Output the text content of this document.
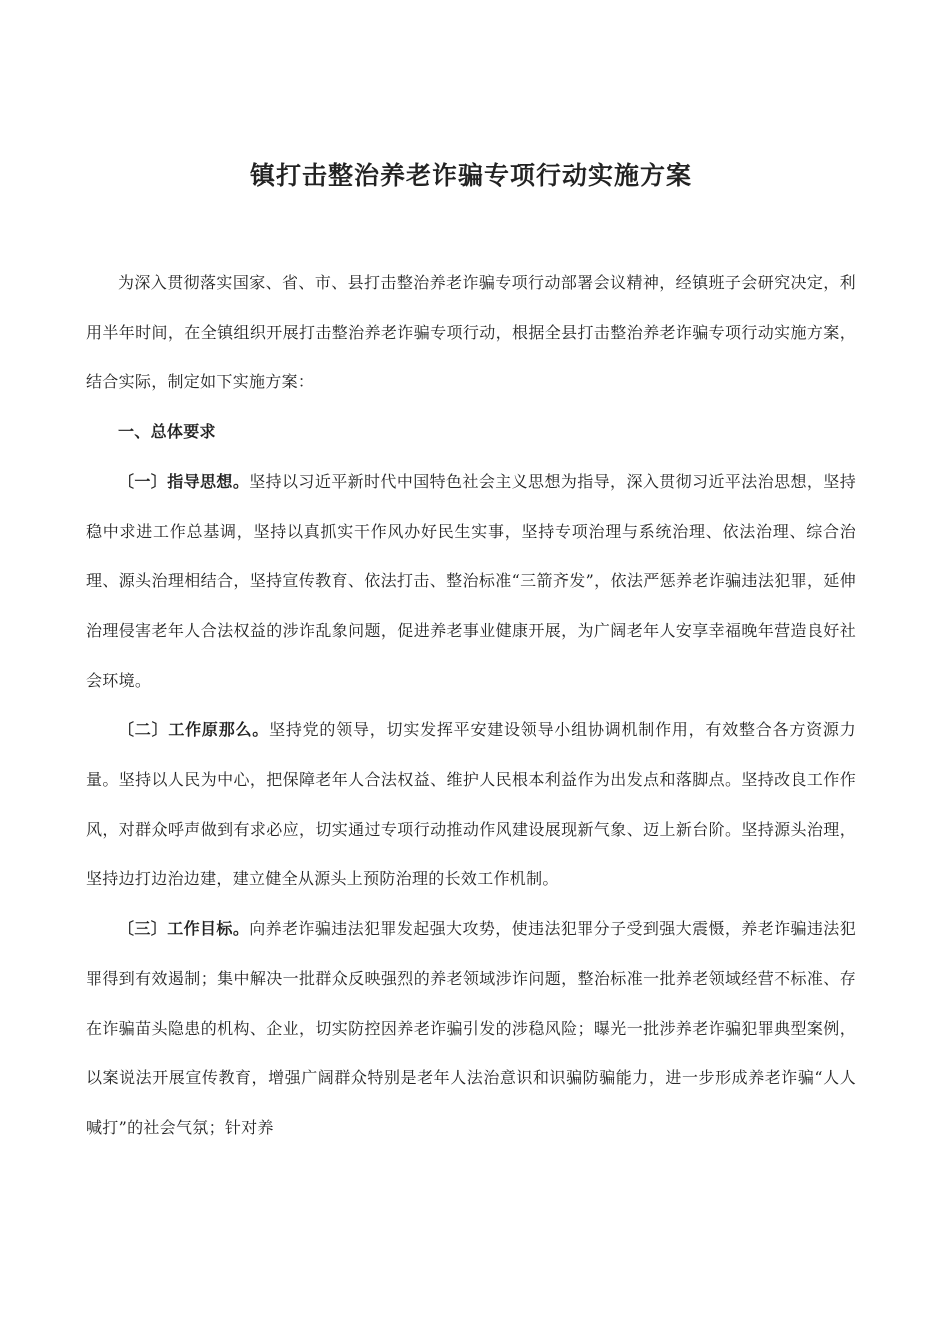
镇打击整治养老诈骗专项行动实施方案

为深入贯彻落实国家、省、市、县打击整治养老诈骗专项行动部署会议精神，经镇班子会研究决定，利用半年时间，在全镇组织开展打击整治养老诈骗专项行动，根据全县打击整治养老诈骗专项行动实施方案，结合实际，制定如下实施方案：

一、总体要求

〔一〕指导思想。坚持以习近平新时代中国特色社会主义思想为指导，深入贯彻习近平法治思想，坚持稳中求进工作总基调，坚持以真抓实干作风办好民生实事，坚持专项治理与系统治理、依法治理、综合治理、源头治理相结合，坚持宣传教育、依法打击、整治标准“三箭齐发”，依法严惩养老诈骗违法犯罪，延伸治理侵害老年人合法权益的涉诈乱象问题，促进养老事业健康开展，为广阔老年人安享幸福晚年营造良好社会环境。

〔二〕工作原那么。坚持党的领导，切实发挥平安建设领导小组协调机制作用，有效整合各方资源力量。坚持以人民为中心，把保障老年人合法权益、维护人民根本利益作为出发点和落脚点。坚持改良工作作风，对群众呼声做到有求必应，切实通过专项行动推动作风建设展现新气象、迈上新台阶。坚持源头治理，坚持边打边治边建，建立健全从源头上预防治理的长效工作机制。

〔三〕工作目标。向养老诈骗违法犯罪发起强大攻势，使违法犯罪分子受到强大震慑，养老诈骗违法犯罪得到有效遏制；集中解决一批群众反映强烈的养老领域涉诈问题，整治标准一批养老领域经营不标准、存在诈骗苗头隐患的机构、企业，切实防控因养老诈骗引发的涉稳风险；曝光一批涉养老诈骗犯罪典型案例，以案说法开展宣传教育，增强广阔群众特别是老年人法治意识和识骗防骗能力，进一步形成养老诈骗“人人喊打”的社会气氛；针对养
